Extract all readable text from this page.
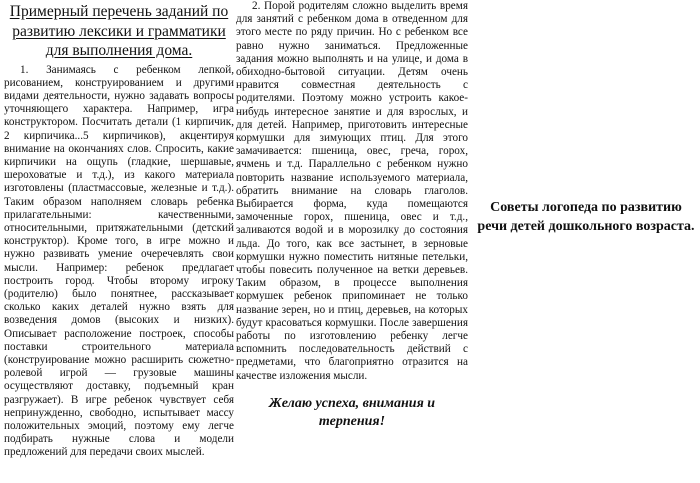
Примерный перечень заданий по развитию лексики и грамматики для выполнения дома.

1. Занимаясь с ребенком лепкой, рисованием, конструированием и другими видами деятельности, нужно задавать вопросы уточняющего характера. Например, игра конструктором. Посчитать детали (1 кирпичик, 2 кирпичика...5 кирпичиков), акцентируя внимание на окончаниях слов. Спросить, какие кирпичики на ощупь (гладкие, шершавые, шероховатые и т.д.), из какого материала изготовлены (пластмассовые, железные и т.д.). Таким образом наполняем словарь ребенка прилагательными: качественными, относительными, притяжательными (детский конструктор). Кроме того, в игре можно и нужно развивать умение очеречевлять свои мысли. Например: ребенок предлагает построить город. Чтобы второму игроку (родителю) было понятнее, рассказывает сколько каких деталей нужно взять для возведения домов (высоких и низких). Описывает расположение построек, способы поставки строительного материала (конструирование можно расширить сюжетно-ролевой игрой — грузовые машины осуществляют доставку, подъемный кран разгружает). В игре ребенок чувствует себя непринужденно, свободно, испытывает массу положительных эмоций, поэтому ему легче подбирать нужные слова и модели предложений для передачи своих мыслей.

2. Порой родителям сложно выделить время для занятий с ребенком дома в отведенном для этого месте по ряду причин. Но с ребенком все равно нужно заниматься. Предложенные задания можно выполнять и на улице, и дома в обиходно-бытовой ситуации. Детям очень нравится совместная деятельность с родителями. Поэтому можно устроить какое-нибудь интересное занятие и для взрослых, и для детей. Например, приготовить интересные кормушки для зимующих птиц. Для этого замачивается: пшеница, овес, греча, горох, ячмень и т.д. Параллельно с ребенком нужно повторить название используемого материала, обратить внимание на словарь глаголов. Выбирается форма, куда помещаются замоченные горох, пшеница, овес и т.д., заливаются водой и в морозилку до состояния льда. До того, как все застынет, в зерновые кормушки нужно поместить нитяные петельки, чтобы повесить полученное на ветки деревьев. Таким образом, в процессе выполнения кормушек ребенок припоминает не только название зерен, но и птиц, деревьев, на которых будут красоваться кормушки. После завершения работы по изготовлению ребенку легче вспомнить последовательность действий с предметами, что благоприятно отразится на качестве изложения мысли.

Желаю успеха, внимания и терпения!

Советы логопеда по развитию речи детей дошкольного возраста.
